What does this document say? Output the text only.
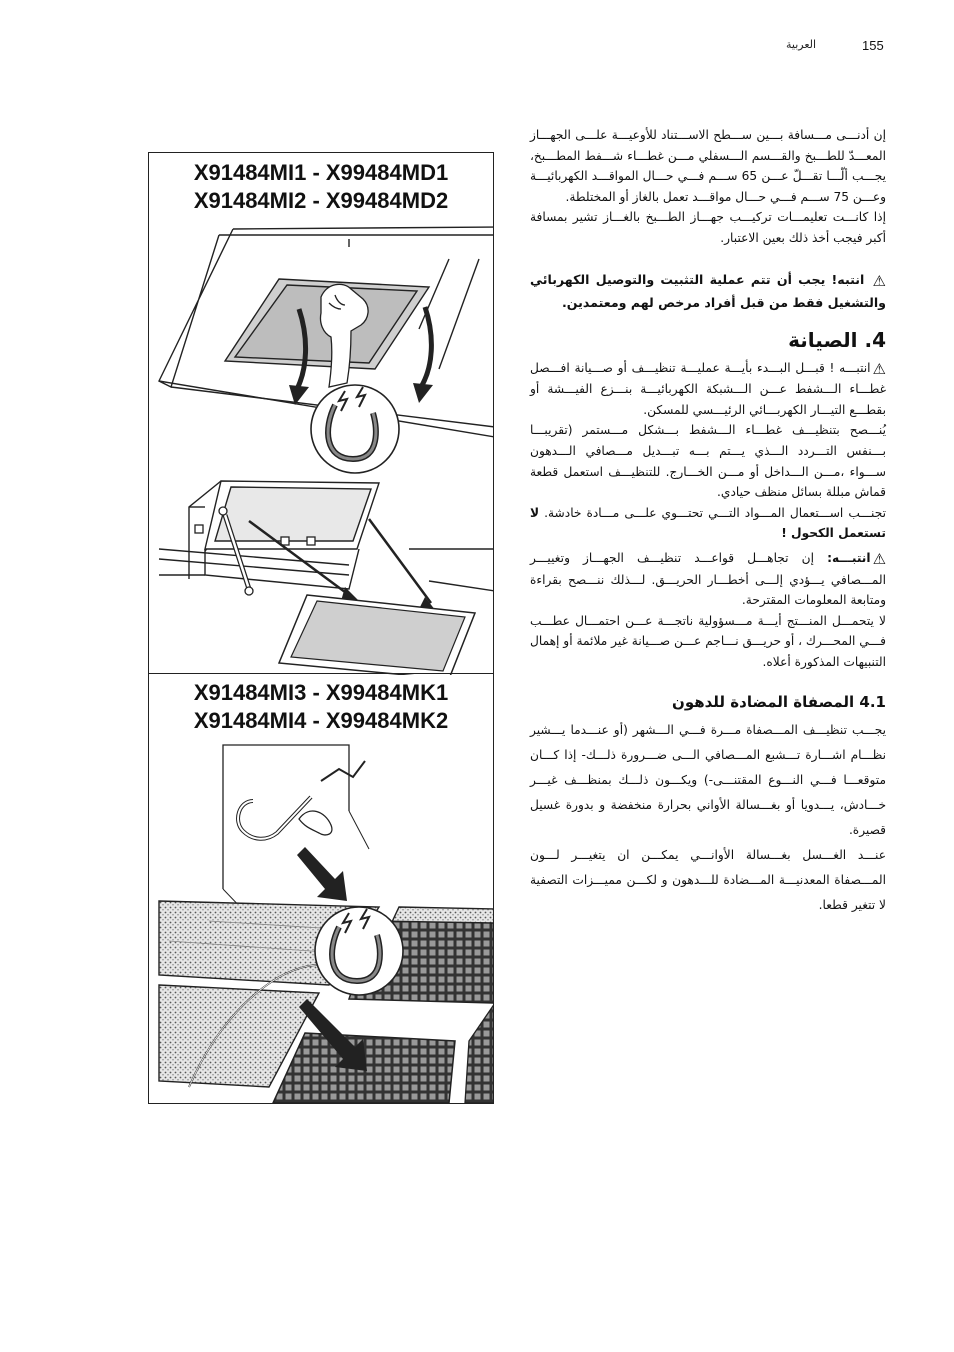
العربية	155
X91484MI1 - X99484MD1
X91484MI2 - X99484MD2
X91484MI3 - X99484MK1
X91484MI4 - X99484MK2

إن أدنـــى مـــسافة بـــين ســـطح الاســـتناد للأوعيـــة علـــى الجهـــاز المعـــدّ للطـــبخ والقـــسم الـــسفلي مـــن غطـــاء شـــفط المطـــبخ، يجـــب ألّـــا تقـــلّ عـــن 65 ســـم فـــي حـــال المواقـــد الكهربائيـــة وعـــن 75 ســـم فـــي حـــال مواقـــد تعمل بالغاز أو المختلطة.

إذا كانـــت تعليمـــات تركيـــب جهـــاز الطـــبخ بالغـــاز تشير بمسافة أكبر فيجب أخذ ذلك بعين الاعتبار.

⚠ انتبه! يجب أن تتم عملية التثبيت والتوصيل الكهربائي والتشغيل فقط من قبل أفراد مرخص لهم ومعتمدين.

4. الصيانة

⚠انتبـــه ! قبـــل البـــدء بأيـــة عمليـــة تنظيـــف أو صـــيانة افـــصل غطـــاء الـــشفط عـــن الـــشبكة الكهربائيـــة بنـــزع الفيـــشة أو بقطـــع التيـــار الكهربـــائي الرئيـــسي للمسكن.

يُنـــصح بتنظيـــف غطـــاء الـــشفط بـــشكل مـــستمر (تقريبـــا بـــنفس التـــردد الـــذي يـــتم بـــه تبـــديل مـــصافي الـــدهون ســـواء ،مـــن الـــداخل أو مـــن الخـــارج. للتنظيـــف استعمل قطعة قماش مبللة بسائل منظف حيادي.

تجنـــب اســـتعمال المـــواد التـــي تحتـــوي علـــى مـــادة خادشة. لا تستعمل الكحول !

⚠انتبـــه: إن تجاهـــل قواعـــد تنظيـــف الجهـــاز وتغييـــر المـــصافي يـــؤدي إلـــى أخطـــار الحريـــق. لـــذلك ننـــصح بقراءة ومتابعة المعلومات المقترحة.

لا يتحمـــل المنـــتج أيـــة مـــسؤولية ناتجـــة عـــن احتمـــال عطـــب فـــي المحـــرك ، أو حريـــق نـــاجم عـــن صـــيانة غير ملائمة أو إهمال التنبيهات المذكورة أعلاه.

4.1 المصفاة المضادة للدهون

يجـــب تنظيـــف المـــصفاة مـــرة فـــي الـــشهر (أو عنـــدما يـــشير نظـــام اشـــارة تـــشبع المـــصافي الـــى ضـــرورة ذلـــك- إذا كـــان متوقعـــا فـــي النـــوع المقتنـــى-) ويكـــون ذلـــك بمنظـــف غيـــر خـــادش، يـــدويا أو بغـــسالة الأواني بحرارة منخفضة و بدورة غسيل قصيرة.

عنـــد الغـــسل بغـــسالة الأوانـــي يمكـــن ان يتغيـــر لـــون المـــصفاة المعدنيـــة المـــضادة للـــدهون و لكـــن مميـــزات التصفية لا تتغير قطعا.
